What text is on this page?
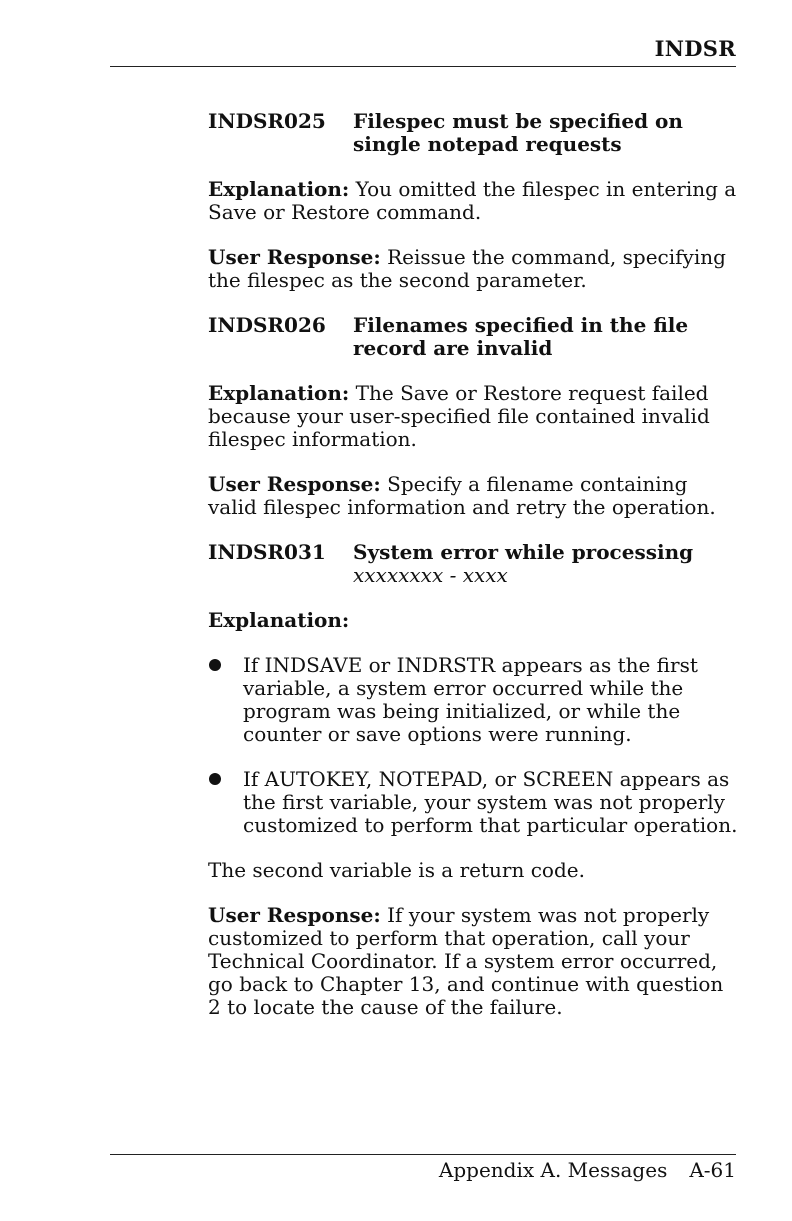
INDSR
INDSR025	Filespec must be specified on single notepad requests

Explanation: You omitted the filespec in entering a Save or Restore command.

User Response: Reissue the command, specifying the filespec as the second parameter.

INDSR026	Filenames specified in the file record are invalid

Explanation: The Save or Restore request failed because your user-specified file contained invalid filespec information.

User Response: Specify a filename containing valid filespec information and retry the operation.

INDSR031	System error while processing
xxxxxxxx - xxxx

Explanation:

If INDSAVE or INDRSTR appears as the first variable, a system error occurred while the program was being initialized, or while the counter or save options were running.
If AUTOKEY, NOTEPAD, or SCREEN appears as the first variable, your system was not properly customized to perform that particular operation.

The second variable is a return code.

User Response: If your system was not properly customized to perform that operation, call your Technical Coordinator. If a system error occurred, go back to Chapter 13, and continue with question 2 to locate the cause of the failure.

Appendix A. Messages A-61
